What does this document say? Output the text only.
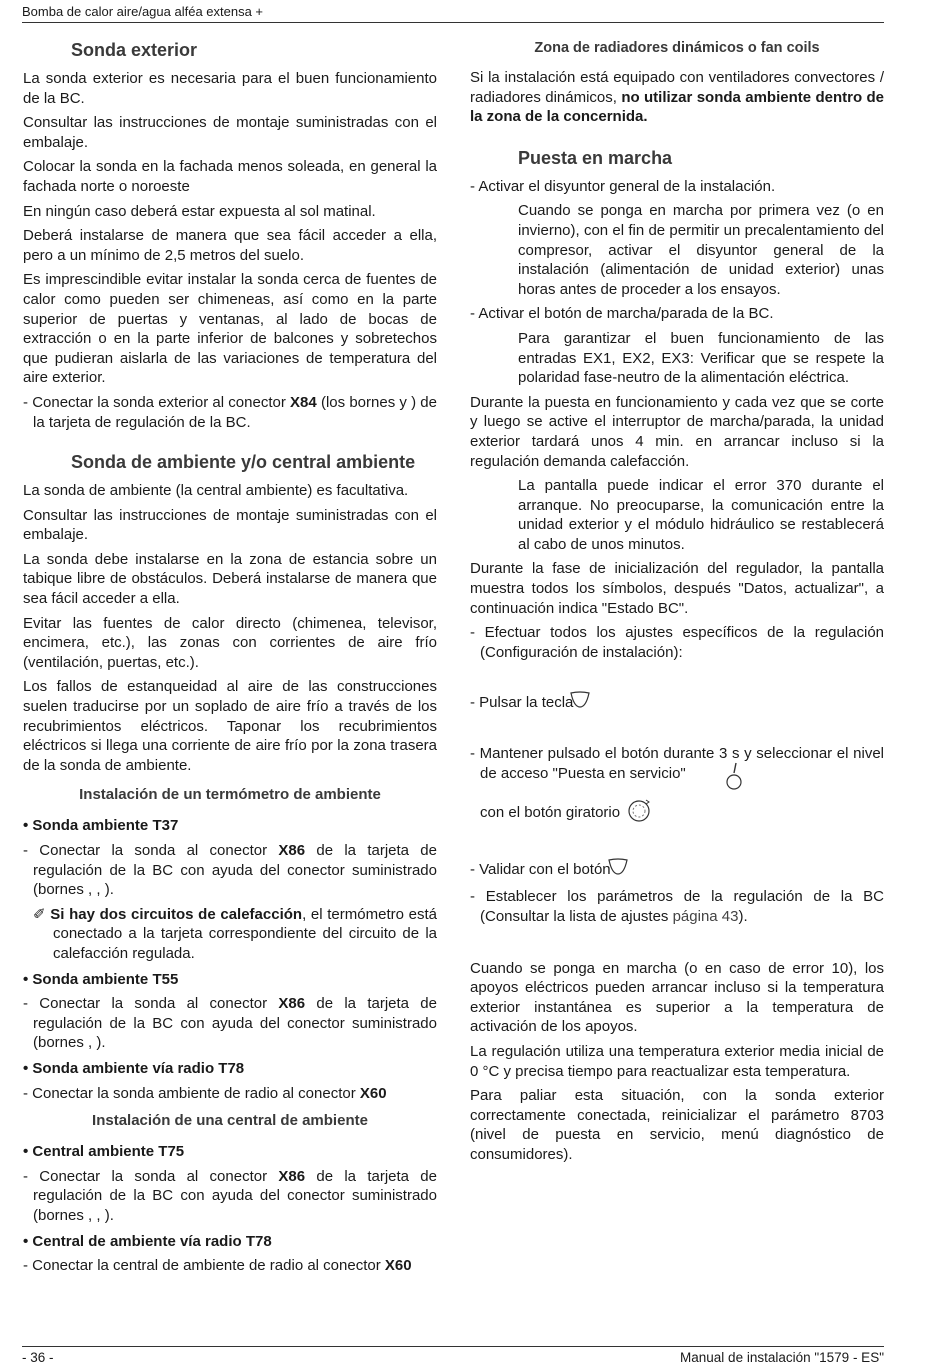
Bomba de calor aire/agua alféa extensa +
Sonda exterior

La sonda exterior es necesaria para el buen funcionamiento de la BC.

Consultar las instrucciones de montaje suministradas con el embalaje.

Colocar la sonda en la fachada menos soleada, en general la fachada norte o noroeste

En ningún caso deberá estar expuesta al sol matinal.

Deberá instalarse de manera que sea fácil acceder a ella, pero a un mínimo de 2,5 metros del suelo.

Es imprescindible evitar instalar la sonda cerca de fuentes de calor como pueden ser chimeneas, así como en la parte superior de puertas y ventanas, al lado de bocas de extracción o en la parte inferior de balcones y sobretechos que pudieran aislarla de las variaciones de temperatura del aire exterior.

- Conectar la sonda exterior al conector X84 (los bornes y ) de la tarjeta de regulación de la BC.

Sonda de ambiente y/o central ambiente

La sonda de ambiente (la central ambiente) es facultativa.

Consultar las instrucciones de montaje suministradas con el embalaje.

La sonda debe instalarse en la zona de estancia sobre un tabique libre de obstáculos. Deberá instalarse de manera que sea fácil acceder a ella.

Evitar las fuentes de calor directo (chimenea, televisor, encimera, etc.), las zonas con corrientes de aire frío (ventilación, puertas, etc.).

Los fallos de estanqueidad al aire de las construcciones suelen traducirse por un soplado de aire frío a través de los recubrimientos eléctricos. Taponar los recubrimientos eléctricos si llega una corriente de aire frío por la zona trasera de la sonda de ambiente.

Instalación de un termómetro de ambiente

• Sonda ambiente T37

- Conectar la sonda al conector X86 de la tarjeta de regulación de la BC con ayuda del conector suministrado (bornes , , ).

✐ Si hay dos circuitos de calefacción, el termómetro está conectado a la tarjeta correspondiente del circuito de la calefacción regulada.

• Sonda ambiente T55

- Conectar la sonda al conector X86 de la tarjeta de regulación de la BC con ayuda del conector suministrado (bornes , ).

• Sonda ambiente vía radio T78

- Conectar la sonda ambiente de radio al conector X60

Instalación de una central de ambiente

• Central ambiente T75

- Conectar la sonda al conector X86 de la tarjeta de regulación de la BC con ayuda del conector suministrado (bornes , , ).

• Central de ambiente vía radio T78

- Conectar la central de ambiente de radio al conector X60

Zona de radiadores dinámicos o fan coils

Si la instalación está equipado con ventiladores convectores / radiadores dinámicos, no utilizar sonda ambiente dentro de la zona de la concernida.

Puesta en marcha

- Activar el disyuntor general de la instalación.

Cuando se ponga en marcha por primera vez (o en invierno), con el fin de permitir un precalentamiento del compresor, activar el disyuntor general de la instalación (alimentación de unidad exterior) unas horas antes de proceder a los ensayos.

- Activar el botón de marcha/parada de la BC.

Para garantizar el buen funcionamiento de las entradas EX1, EX2, EX3: Verificar que se respete la polaridad fase-neutro de la alimentación eléctrica.

Durante la puesta en funcionamiento y cada vez que se corte y luego se active el interruptor de marcha/parada, la unidad exterior tardará unos 4 min. en arrancar incluso si la regulación demanda calefacción.

La pantalla puede indicar el error 370 durante el arranque. No preocuparse, la comunicación entre la unidad exterior y el módulo hidráulico se restablecerá al cabo de unos minutos.

Durante la fase de inicialización del regulador, la pantalla muestra todos los símbolos, después "Datos, actualizar", a continuación indica "Estado BC".

- Efectuar todos los ajustes específicos de la regulación (Configuración de instalación):

- Pulsar la tecla

- Mantener pulsado el botón durante 3 s y seleccionar el nivel de acceso "Puesta en servicio"

con el botón giratorio

- Validar con el botón

- Establecer los parámetros de la regulación de la BC (Consultar la lista de ajustes página 43).

Cuando se ponga en marcha (o en caso de error 10), los apoyos eléctricos pueden arrancar incluso si la temperatura exterior instantánea es superior a la temperatura de activación de los apoyos.

La regulación utiliza una temperatura exterior media inicial de 0 °C y precisa tiempo para reactualizar esta temperatura.

Para paliar esta situación, con la sonda exterior correctamente conectada, reinicializar el parámetro 8703 (nivel de puesta en servicio, menú diagnóstico de consumidores).

- 36 -	Manual de instalación "1579 - ES"
